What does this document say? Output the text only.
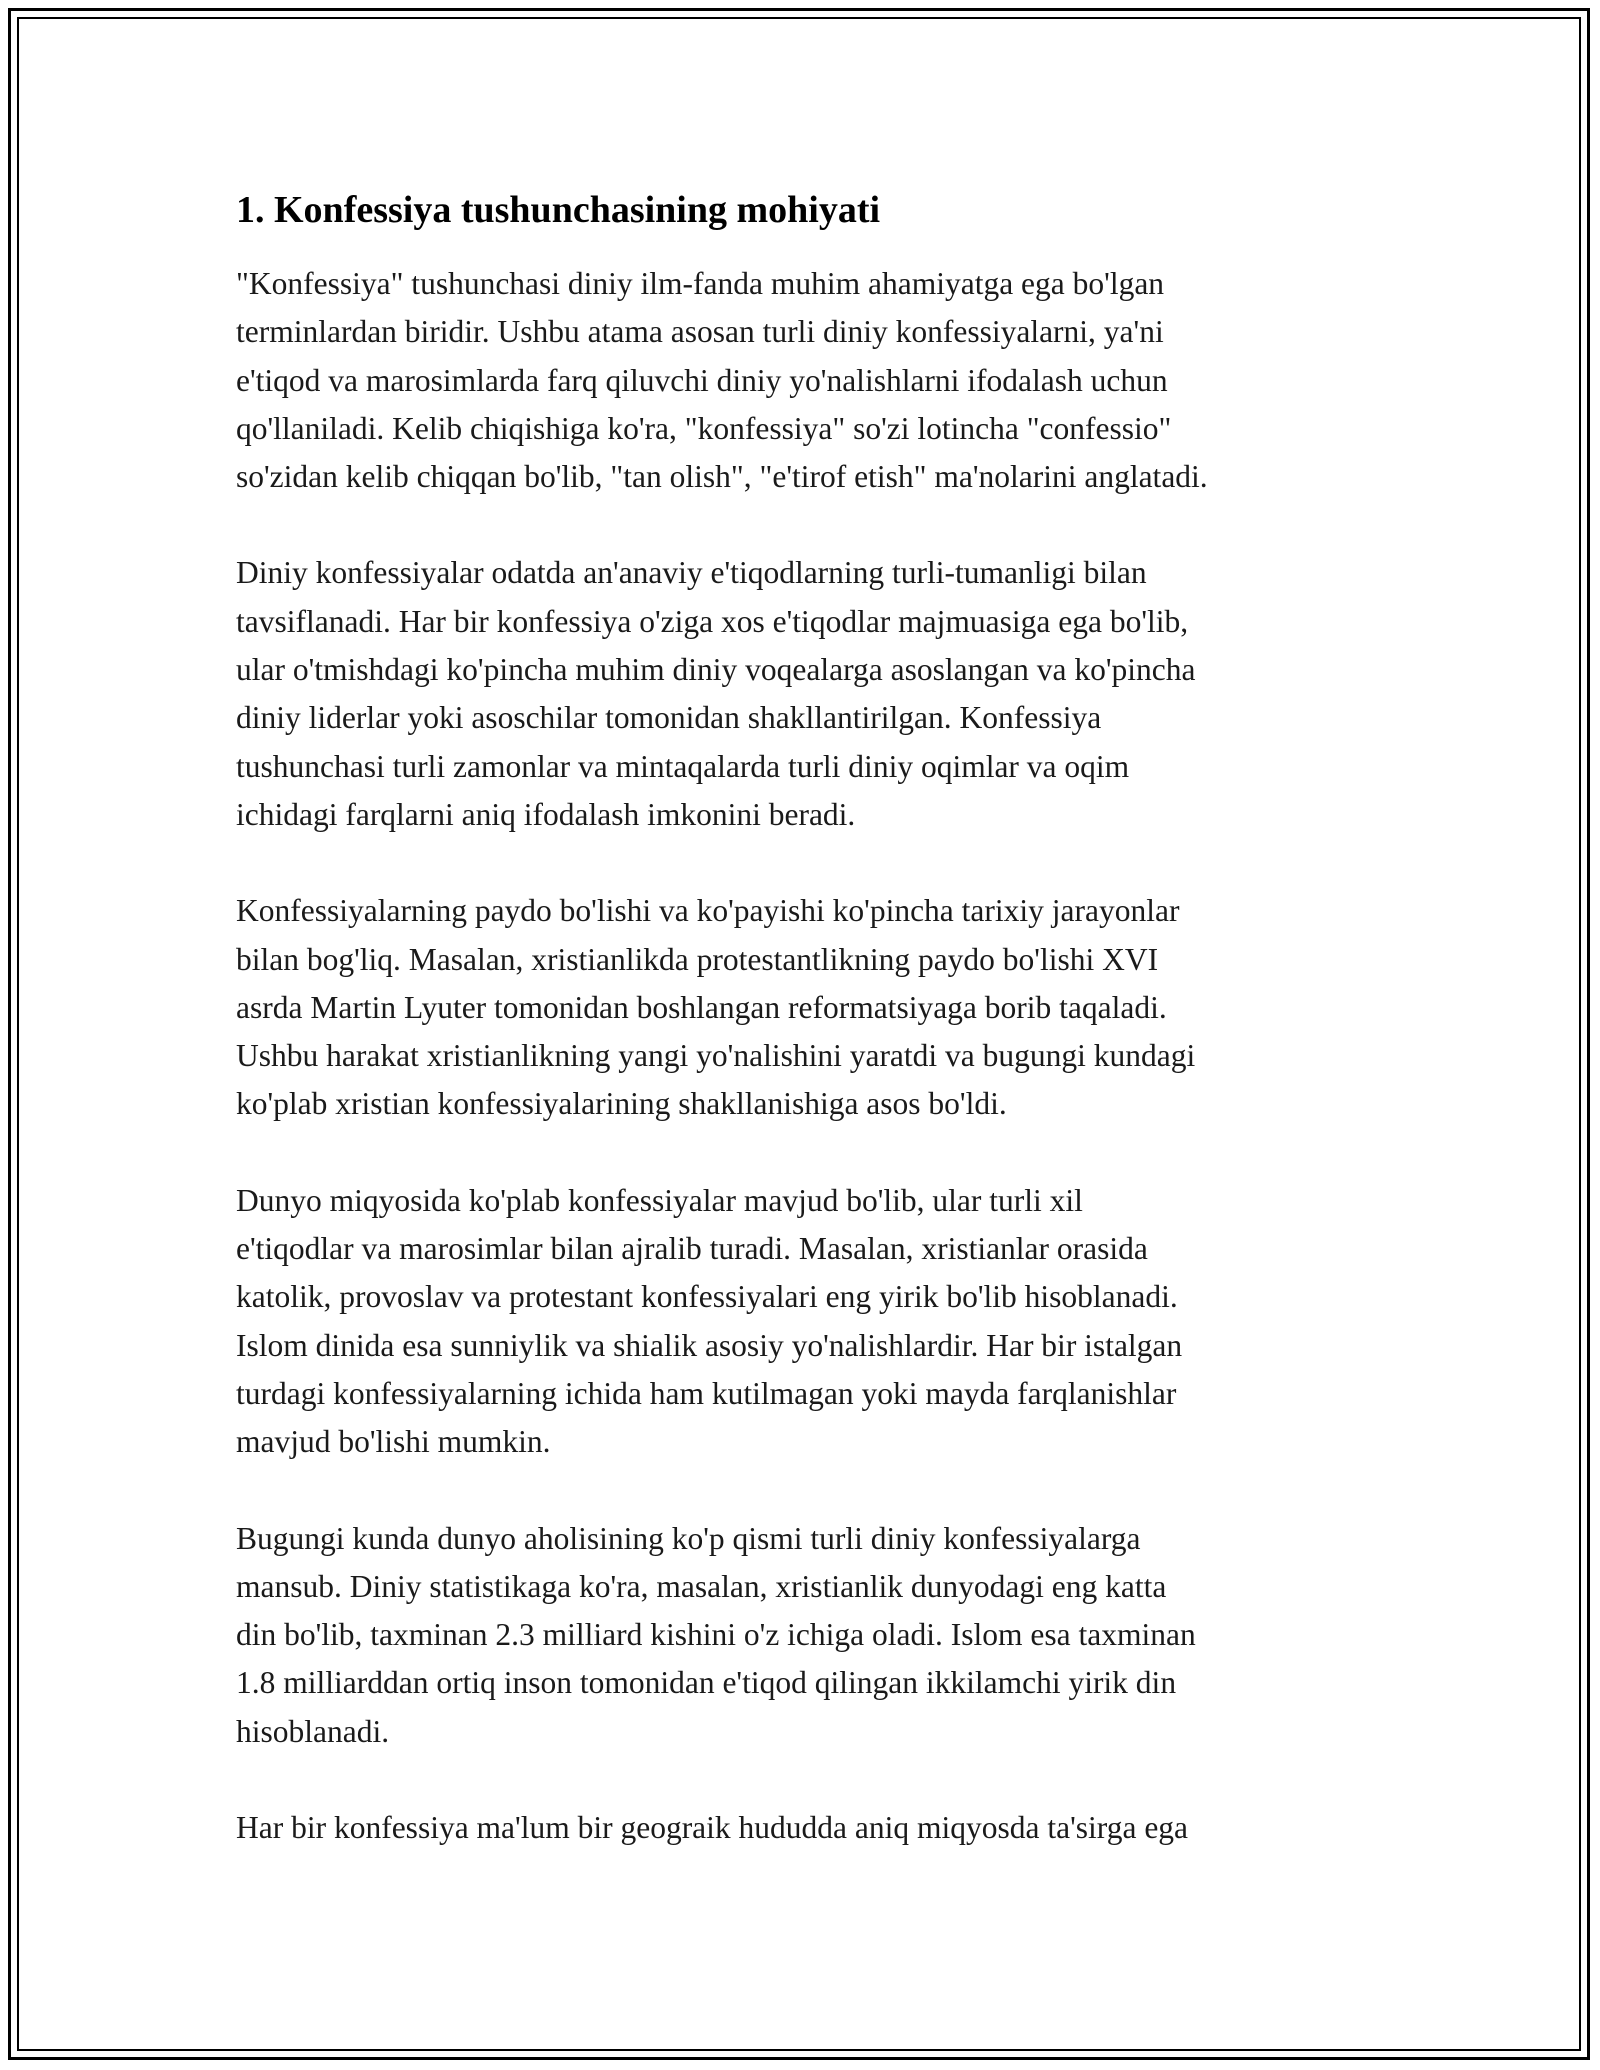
1. Konfessiya tushunchasining mohiyati
"Konfessiya" tushunchasi diniy ilm-fanda muhim ahamiyatga ega bo'lgan
terminlardan biridir. Ushbu atama asosan turli diniy konfessiyalarni, ya'ni
e'tiqod va marosimlarda farq qiluvchi diniy yo'nalishlarni ifodalash uchun
qo'llaniladi. Kelib chiqishiga ko'ra, "konfessiya" so'zi lotincha "confessio"
so'zidan kelib chiqqan bo'lib, "tan olish", "e'tirof etish" ma'nolarini anglatadi.
Diniy konfessiyalar odatda an'anaviy e'tiqodlarning turli-tumanligi bilan
tavsiflanadi. Har bir konfessiya o'ziga xos e'tiqodlar majmuasiga ega bo'lib,
ular o'tmishdagi ko'pincha muhim diniy voqealarga asoslangan va ko'pincha
diniy liderlar yoki asoschilar tomonidan shakllantirilgan. Konfessiya
tushunchasi turli zamonlar va mintaqalarda turli diniy oqimlar va oqim
ichidagi farqlarni aniq ifodalash imkonini beradi.
Konfessiyalarning paydo bo'lishi va ko'payishi ko'pincha tarixiy jarayonlar
bilan bog'liq. Masalan, xristianlikda protestantlikning paydo bo'lishi XVI
asrda Martin Lyuter tomonidan boshlangan reformatsiyaga borib taqaladi.
Ushbu harakat xristianlikning yangi yo'nalishini yaratdi va bugungi kundagi
ko'plab xristian konfessiyalarining shakllanishiga asos bo'ldi.
Dunyo miqyosida ko'plab konfessiyalar mavjud bo'lib, ular turli xil
e'tiqodlar va marosimlar bilan ajralib turadi. Masalan, xristianlar orasida
katolik, provoslav va protestant konfessiyalari eng yirik bo'lib hisoblanadi.
Islom dinida esa sunniylik va shialik asosiy yo'nalishlardir. Har bir istalgan
turdagi konfessiyalarning ichida ham kutilmagan yoki mayda farqlanishlar
mavjud bo'lishi mumkin.
Bugungi kunda dunyo aholisining ko'p qismi turli diniy konfessiyalarga
mansub. Diniy statistikaga ko'ra, masalan, xristianlik dunyodagi eng katta
din bo'lib, taxminan 2.3 milliard kishini o'z ichiga oladi. Islom esa taxminan
1.8 milliarddan ortiq inson tomonidan e'tiqod qilingan ikkilamchi yirik din
hisoblanadi.
Har bir konfessiya ma'lum bir geograik hududda aniq miqyosda ta'sirga ega
